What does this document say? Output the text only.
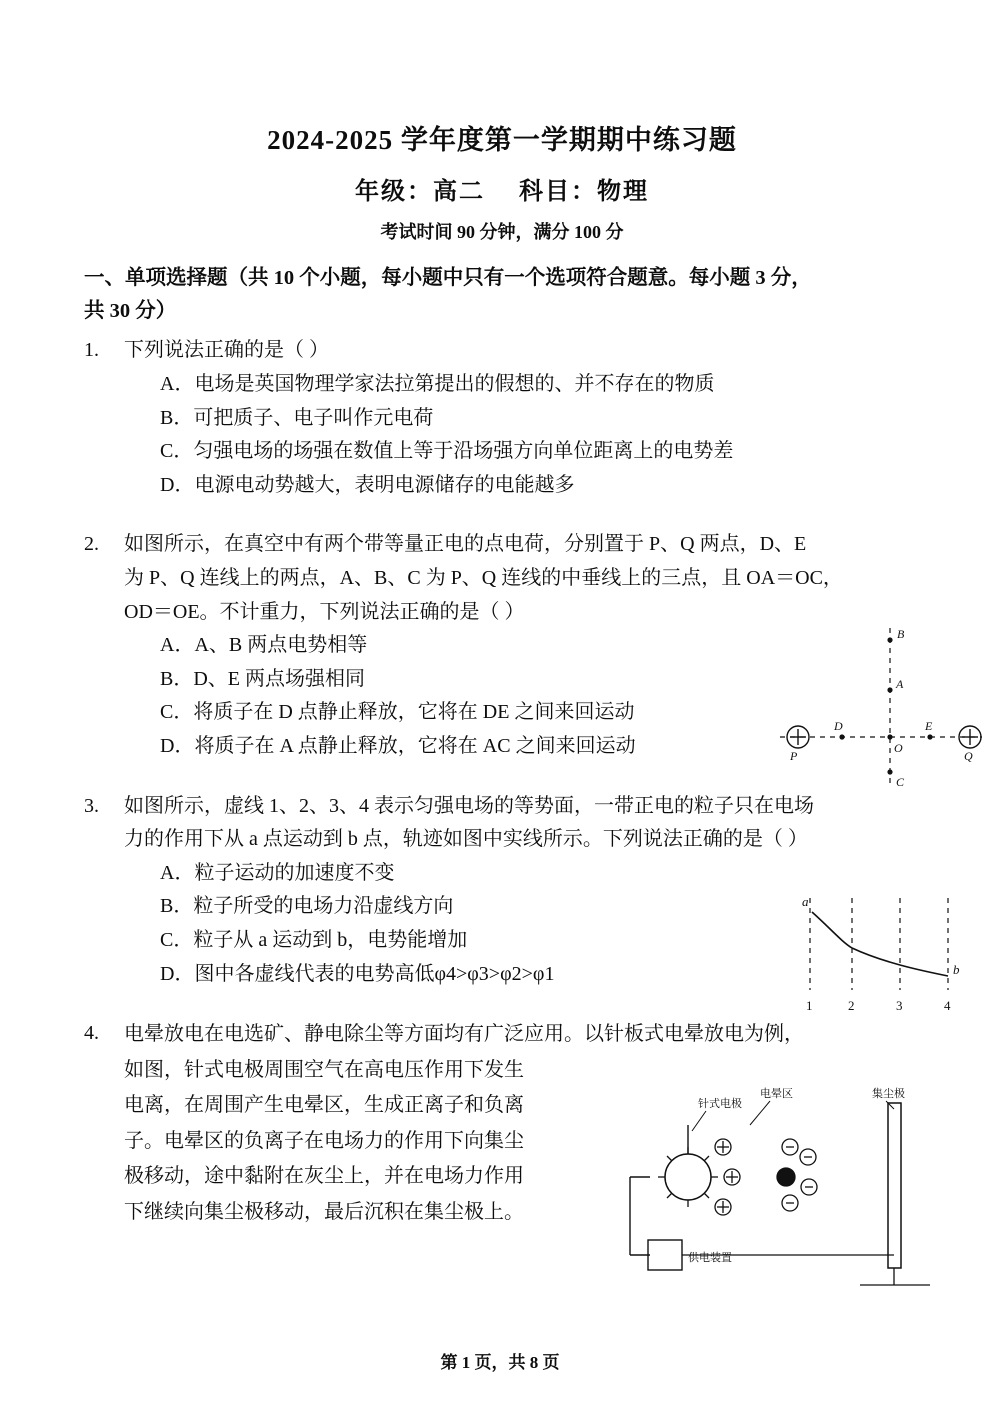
2024-2025 学年度第一学期期中练习题
年级：高二 科目：物理
考试时间 90 分钟，满分 100 分
一、单项选择题（共 10 个小题，每小题中只有一个选项符合题意。每小题 3 分，
共 30 分）
1.	下列说法正确的是（ ）
A．电场是英国物理学家法拉第提出的假想的、并不存在的物质
B．可把质子、电子叫作元电荷
C．匀强电场的场强在数值上等于沿场强方向单位距离上的电势差
D．电源电动势越大，表明电源储存的电能越多
2.	如图所示，在真空中有两个带等量正电的点电荷，分别置于 P、Q 两点，D、E
为 P、Q 连线上的两点，A、B、C 为 P、Q 连线的中垂线上的三点，且 OA＝OC，
OD＝OE。不计重力，下列说法正确的是（ ）
A．A、B 两点电势相等
B．D、E 两点场强相同
C．将质子在 D 点静止释放，它将在 DE 之间来回运动
D．将质子在 A 点静止释放，它将在 AC 之间来回运动
3.	如图所示，虚线 1、2、3、4 表示匀强电场的等势面，一带正电的粒子只在电场
力的作用下从 a 点运动到 b 点，轨迹如图中实线所示。下列说法正确的是（ ）
A．粒子运动的加速度不变
B．粒子所受的电场力沿虚线方向
C．粒子从 a 运动到 b，电势能增加
D．图中各虚线代表的电势高低φ4>φ3>φ2>φ1
4.	电晕放电在电选矿、静电除尘等方面均有广泛应用。以针板式电晕放电为例，
如图，针式电极周围空气在高电压作用下发生
电离，在周围产生电晕区，生成正离子和负离
子。电晕区的负离子在电场力的作用下向集尘
极移动，途中黏附在灰尘上，并在电场力作用
下继续向集尘极移动，最后沉积在集尘极上。
B
A
D	E
O
C
P	Q
a
b
1	2	3	4
针式电极
电晕区	集尘极
供电装置
第 1 页，共 8 页
